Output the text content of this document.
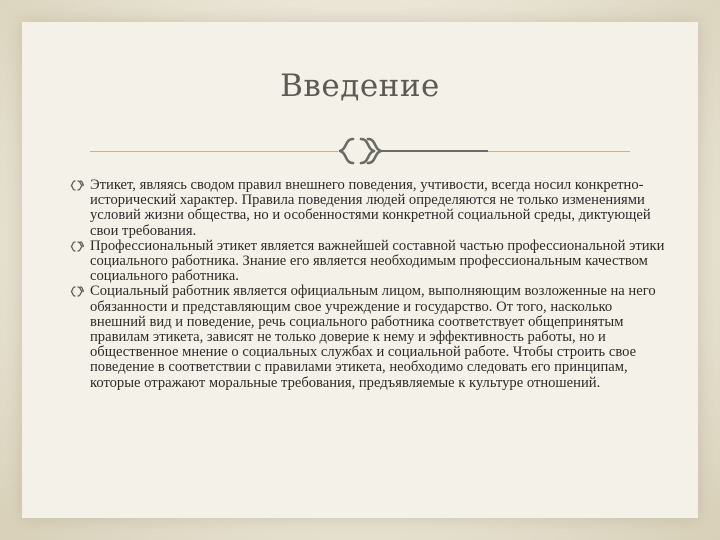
Введение
Этикет, являясь сводом правил внешнего поведения, учтивости, всегда носил конкретно-исторический характер. Правила поведения людей определяются не только изменениями условий жизни общества, но и особенностями конкретной социальной среды, диктующей свои требования.
Профессиональный этикет является важнейшей составной частью профессиональной этики социального работника. Знание его является необходимым профессиональным качеством социального работника.
Социальный работник является официальным лицом, выполняющим возложенные на него обязанности и представляющим свое учреждение и государство. От того, насколько внешний вид и поведение, речь социального работника соответствует общепринятым правилам этикета, зависят не только доверие к нему и эффективность работы, но и общественное мнение о социальных службах и социальной работе. Чтобы строить свое поведение в соответствии с правилами этикета, необходимо следовать его принципам, которые отражают моральные требования, предъявляемые к культуре отношений.
